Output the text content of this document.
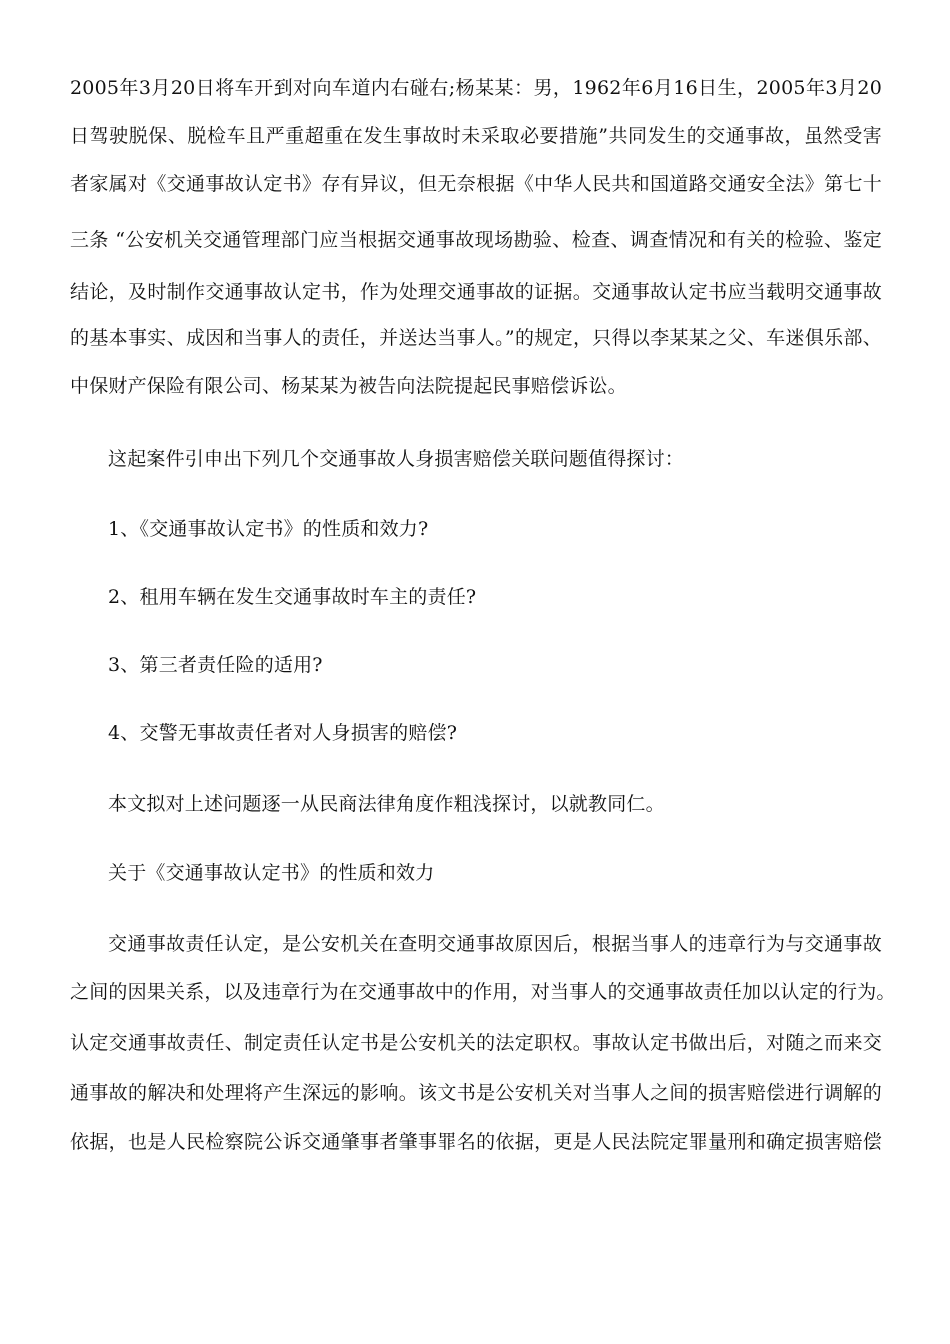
2005年3月20日将车开到对向车道内右碰右;杨某某：男，1962年6月16日生，2005年3月20
日驾驶脱保、脱检车且严重超重在发生事故时未采取必要措施”共同发生的交通事故，虽然受害
者家属对《交通事故认定书》存有异议，但无奈根据《中华人民共和国道路交通安全法》第七十
三条 “公安机关交通管理部门应当根据交通事故现场勘验、检查、调查情况和有关的检验、鉴定
结论，及时制作交通事故认定书，作为处理交通事故的证据。交通事故认定书应当载明交通事故
的基本事实、成因和当事人的责任，并送达当事人。”的规定，只得以李某某之父、车迷俱乐部、
中保财产保险有限公司、杨某某为被告向法院提起民事赔偿诉讼。
这起案件引申出下列几个交通事故人身损害赔偿关联问题值得探讨：
1、《交通事故认定书》的性质和效力?
2、租用车辆在发生交通事故时车主的责任?
3、第三者责任险的适用?
4、交警无事故责任者对人身损害的赔偿?
本文拟对上述问题逐一从民商法律角度作粗浅探讨，以就教同仁。
关于《交通事故认定书》的性质和效力
交通事故责任认定，是公安机关在查明交通事故原因后，根据当事人的违章行为与交通事故
之间的因果关系，以及违章行为在交通事故中的作用，对当事人的交通事故责任加以认定的行为。
认定交通事故责任、制定责任认定书是公安机关的法定职权。事故认定书做出后，对随之而来交
通事故的解决和处理将产生深远的影响。该文书是公安机关对当事人之间的损害赔偿进行调解的
依据，也是人民检察院公诉交通肇事者肇事罪名的依据，更是人民法院定罪量刑和确定损害赔偿
